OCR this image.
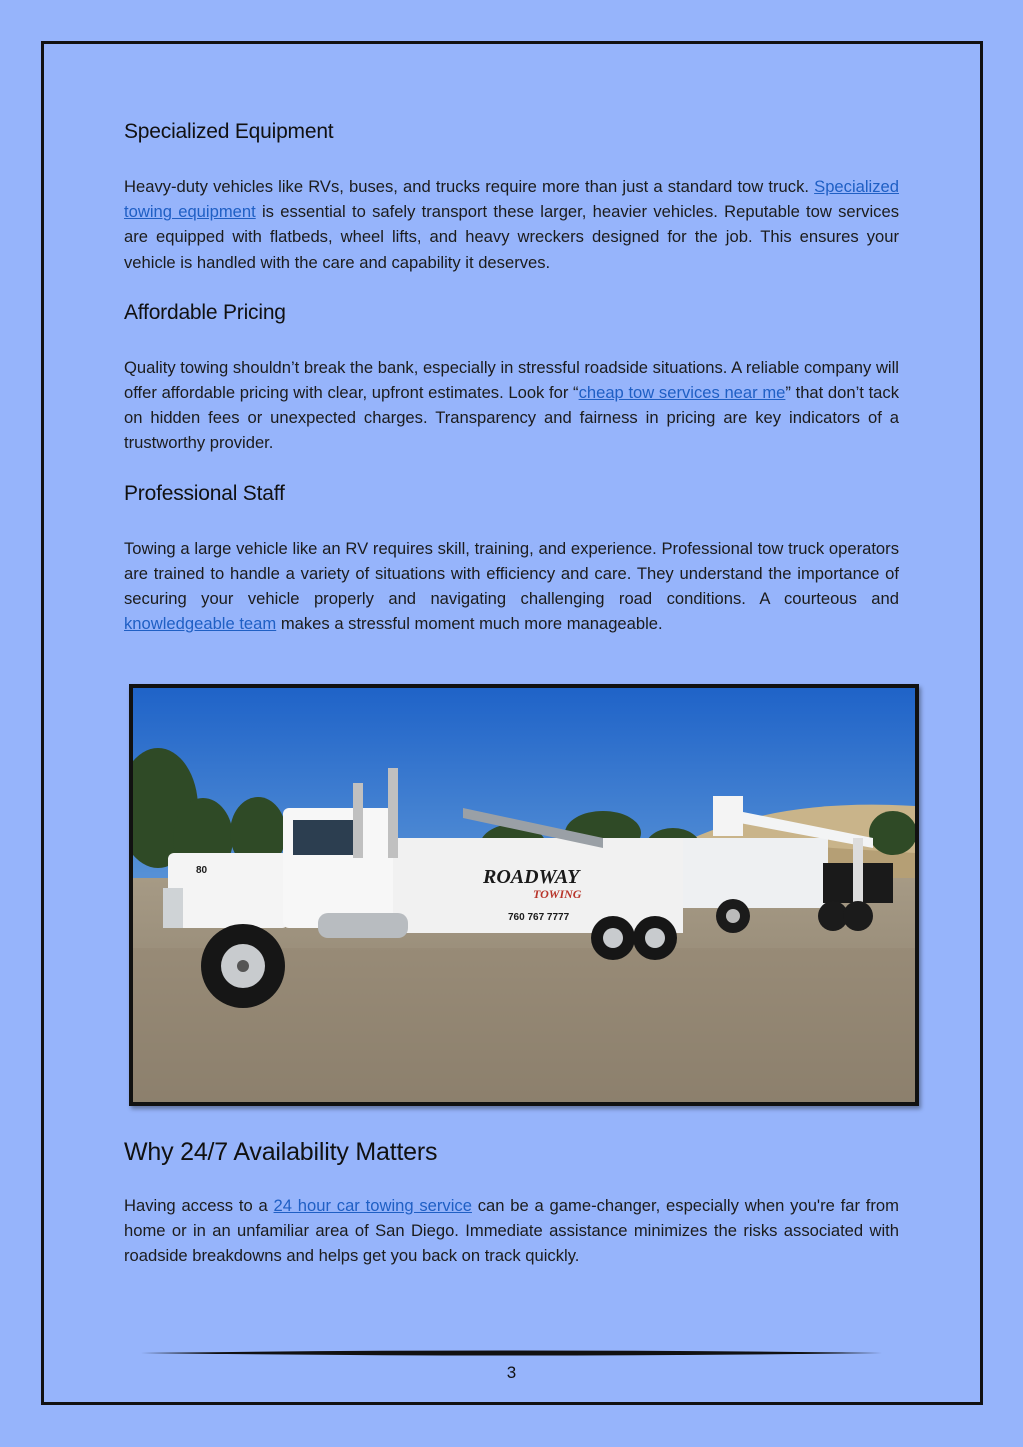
Specialized Equipment

Heavy-duty vehicles like RVs, buses, and trucks require more than just a standard tow truck. Specialized towing equipment is essential to safely transport these larger, heavier vehicles. Reputable tow services are equipped with flatbeds, wheel lifts, and heavy wreckers designed for the job. This ensures your vehicle is handled with the care and capability it deserves.

Affordable Pricing

Quality towing shouldn’t break the bank, especially in stressful roadside situations. A reliable company will offer affordable pricing with clear, upfront estimates. Look for “cheap tow services near me” that don’t tack on hidden fees or unexpected charges. Transparency and fairness in pricing are key indicators of a trustworthy provider.

Professional Staff

Towing a large vehicle like an RV requires skill, training, and experience. Professional tow truck operators are trained to handle a variety of situations with efficiency and care. They understand the importance of securing your vehicle properly and navigating challenging road conditions. A courteous and knowledgeable team makes a stressful moment much more manageable.

ROADWAY
TOWING
760 767 7777
80
Why 24/7 Availability Matters

Having access to a 24 hour car towing service can be a game-changer, especially when you're far from home or in an unfamiliar area of San Diego. Immediate assistance minimizes the risks associated with roadside breakdowns and helps get you back on track quickly.

3
